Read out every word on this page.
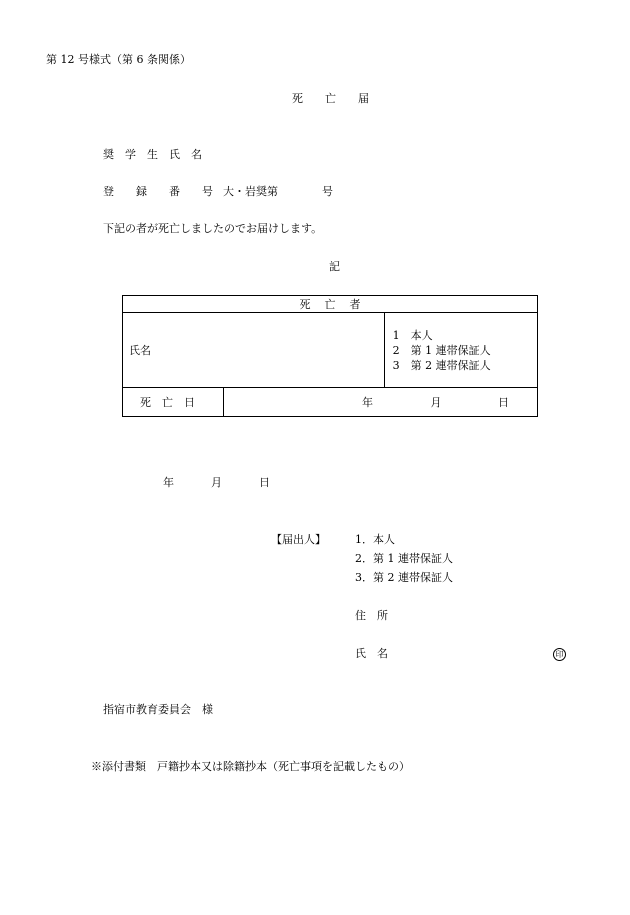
第 12 号様式（第 6 条関係）
死　　亡　　届
奨　学　生　氏　名
登　　録　　番　　号 大・岩奨第　　　　号
下記の者が死亡しましたのでお届けします。
記
死亡者		
氏名		1　本人
2　第 1 連帯保証人
3　第 2 連帯保証人

死亡日	年 月 日	
年	月	日
【届出人】	1．本人
2．第 1 連帯保証人
3．第 2 連帯保証人
住　所
氏　名	印
指宿市教育委員会　様
※添付書類　戸籍抄本又は除籍抄本（死亡事項を記載したもの）
